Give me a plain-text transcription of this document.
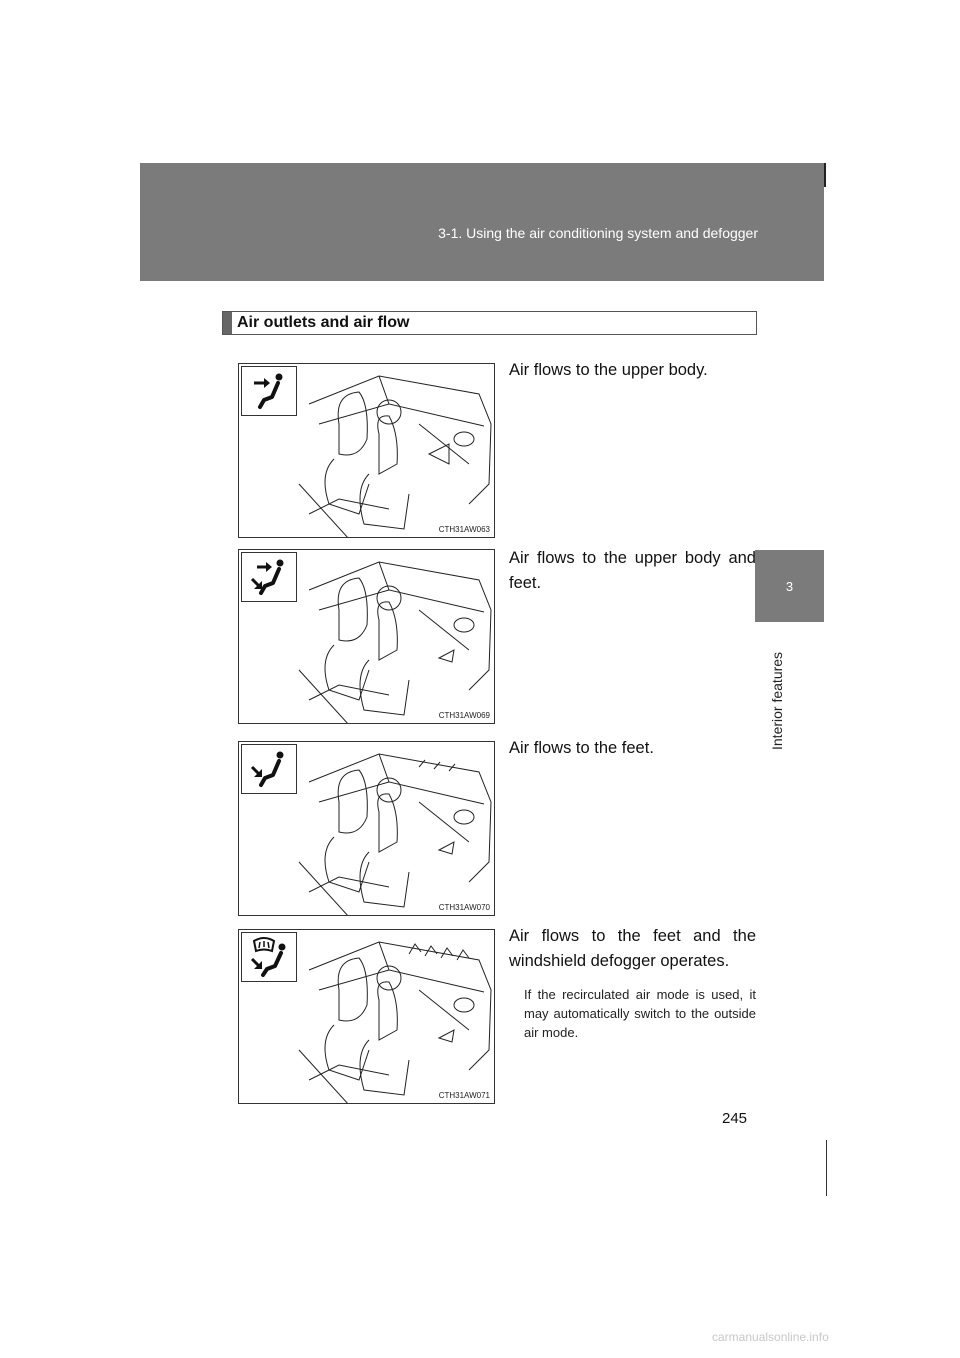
3-1. Using the air conditioning system and defogger
3
Interior features
Air outlets and air flow
CTH31AW063
Air flows to the upper body.
CTH31AW069
Air flows to the upper body and feet.
CTH31AW070
Air flows to the feet.
CTH31AW071
Air flows to the feet and the windshield defogger operates.
If the recirculated air mode is used, it may automatically switch to the outside air mode.
245
carmanualsonline.info
